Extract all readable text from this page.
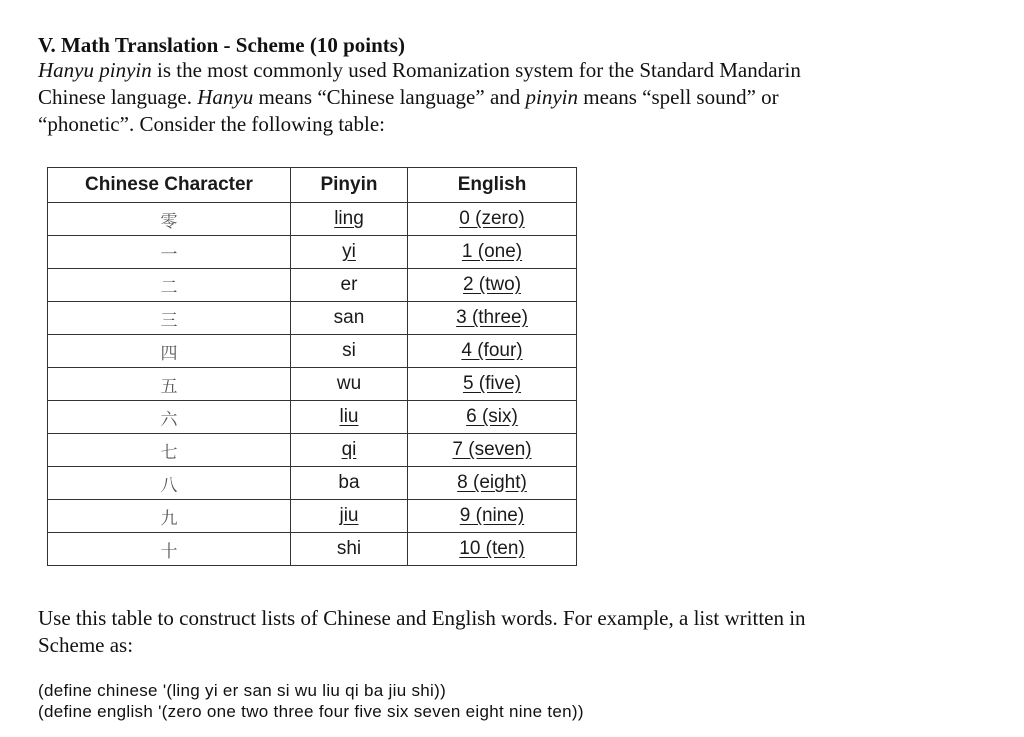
V. Math Translation - Scheme (10 points)
Hanyu pinyin is the most commonly used Romanization system for the Standard Mandarin
Chinese language. Hanyu means “Chinese language” and pinyin means “spell sound” or
“phonetic”. Consider the following table:
Chinese Character	Pinyin	English
零	ling	0 (zero)
一	yi	1 (one)
二	er	2 (two)
三	san	3 (three)
四	si	4 (four)
五	wu	5 (five)
六	liu	6 (six)
七	qi	7 (seven)
八	ba	8 (eight)
九	jiu	9 (nine)
十	shi	10 (ten)
Use this table to construct lists of Chinese and English words. For example, a list written in
Scheme as:
(define chinese '(ling yi er san si wu liu qi ba jiu shi))
(define english '(zero one two three four five six seven eight nine ten))
